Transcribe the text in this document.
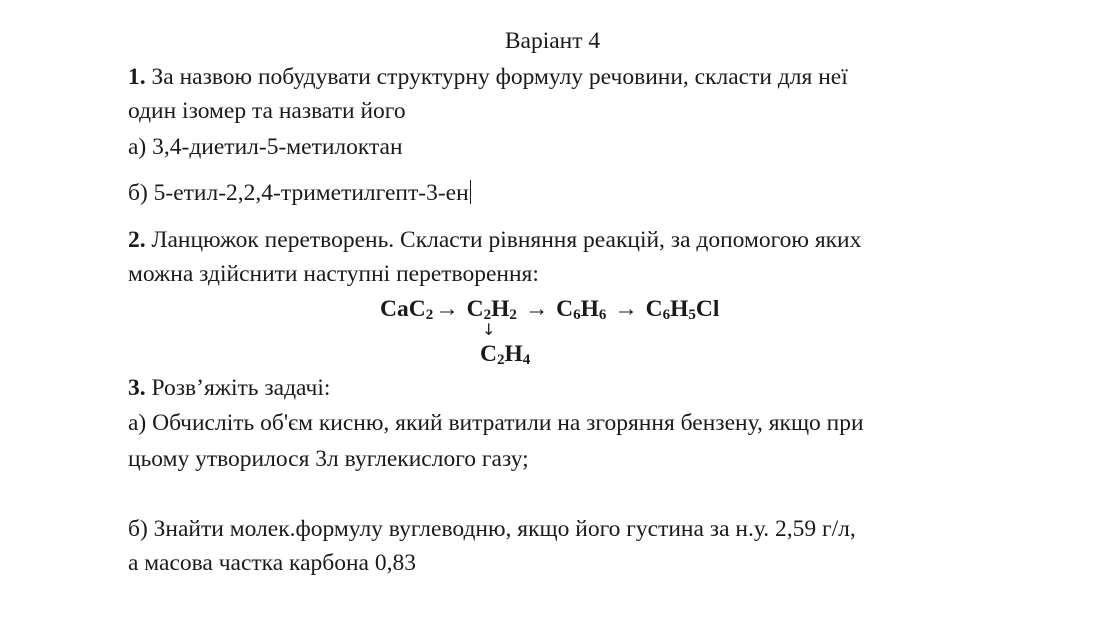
Варіант 4
1. За назвою побудувати структурну формулу речовини, скласти для неї
один ізомер та назвати його
а) 3,4-диетил-5-метилоктан
б) 5-етил-2,2,4-триметилгепт-3-ен
2. Ланцюжок перетворень. Скласти рівняння реакцій, за допомогою яких
можна здійснити наступні перетворення:
$CaC_2\to C_2H_2 \to C_6H_6 \to C_6H_5Cl$
↓
$C_2H_4$
3. Розв’яжіть задачі:
а) Обчисліть об'єм кисню, який витратили на згоряння бензену, якщо при
цьому утворилося 3л вуглекислого газу;
б) Знайти молек.формулу вуглеводню, якщо його густина за н.у. 2,59 г/л,
а масова частка карбона 0,83
